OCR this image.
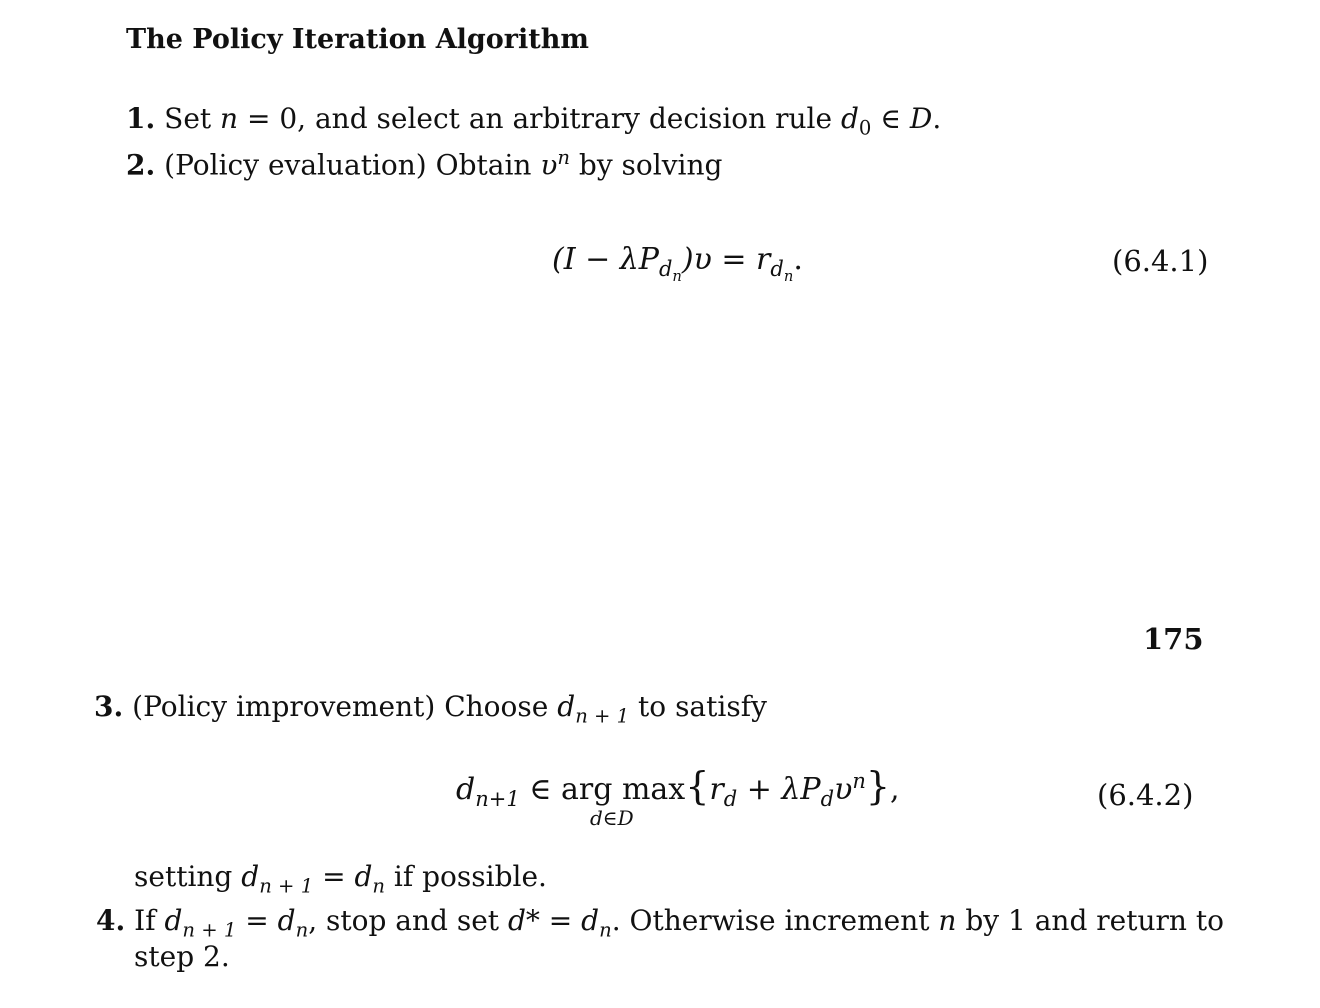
The Policy Iteration Algorithm
1. Set n = 0, and select an arbitrary decision rule $d_0$ ∈ D.
2. (Policy evaluation) Obtain $\upsilon^n$ by solving
$(I - \lambda P_{d_n})\upsilon = r_{d_n}$.	(6.4.1)
175
3. (Policy improvement) Choose $d_{n + 1}$ to satisfy
$d_{n+1}$ ∈ arg $\max\{r_d + \lambda P_d\upsilon^n\}$,
d∈D
(6.4.2)
setting $d_{n + 1} = d_n$ if possible.
4. If $d_{n + 1} = d_n$, stop and set $d* = d_n$. Otherwise increment n by 1 and return to
step 2.
